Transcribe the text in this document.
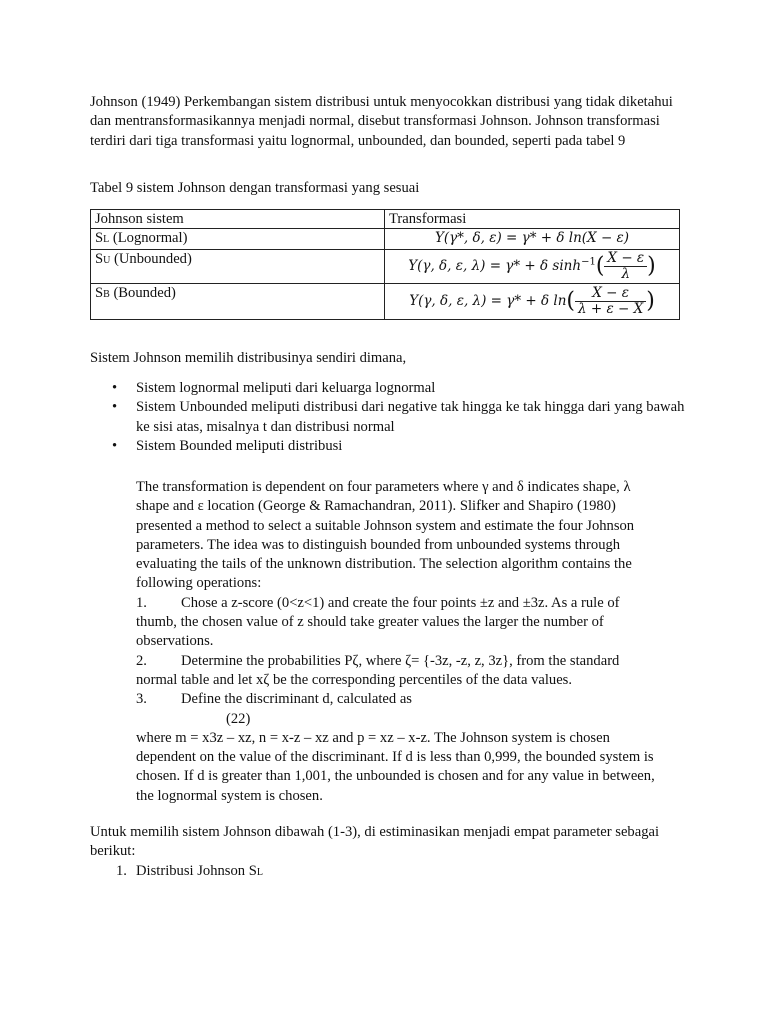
Johnson (1949) Perkembangan sistem distribusi untuk menyocokkan distribusi yang tidak diketahui dan mentransformasikannya menjadi normal, disebut transformasi Johnson. Johnson transformasi terdiri dari tiga transformasi yaitu lognormal, unbounded, dan bounded, seperti pada tabel 9

Tabel 9 sistem Johnson dengan transformasi yang sesuai

Johnson sistem	Transformasi
SL (Lognormal)	Y(γ*, δ, ε) = γ* + δ ln(X − ε)
SU (Unbounded)	Y(γ, δ, ε, λ) = γ* + δ $\sinh^{-1}( \frac{X - \varepsilon}{\lambda}$ )
SB (Bounded)	Y(γ, δ, ε, λ) = γ* + δ $\ln( \frac{X - \varepsilon}{\lambda + \varepsilon - X}$ )

Sistem Johnson memilih distribusinya sendiri dimana,

• Sistem lognormal meliputi dari keluarga lognormal
• Sistem Unbounded meliputi distribusi dari negative tak hingga ke tak hingga dari yang bawah ke sisi atas, misalnya t dan distribusi normal
• Sistem Bounded meliputi distribusi
The transformation is dependent on four parameters where γ and δ indicates shape, λ
shape and ε location (George & Ramachandran, 2011). Slifker and Shapiro (1980)
presented a method to select a suitable Johnson system and estimate the four Johnson
parameters. The idea was to distinguish bounded from unbounded systems through
evaluating the tails of the unknown distribution. The selection algorithm contains the
following operations:
1. Chose a z-score (0<z<1) and create the four points ±z and ±3z. As a rule of
thumb, the chosen value of z should take greater values the larger the number of
observations.
2. Determine the probabilities Pζ, where ζ= {-3z, -z, z, 3z}, from the standard
normal table and let xζ be the corresponding percentiles of the data values.
3. Define the discriminant d, calculated as
(22)
where m = x3z – xz, n = x-z – xz and p = xz – x-z. The Johnson system is chosen
dependent on the value of the discriminant. If d is less than 0,999, the bounded system is
chosen. If d is greater than 1,001, the unbounded is chosen and for any value in between,
the lognormal system is chosen.

Untuk memilih sistem Johnson dibawah (1-3), di estiminasikan menjadi empat parameter sebagai berikut:

1. Distribusi Johnson SL
